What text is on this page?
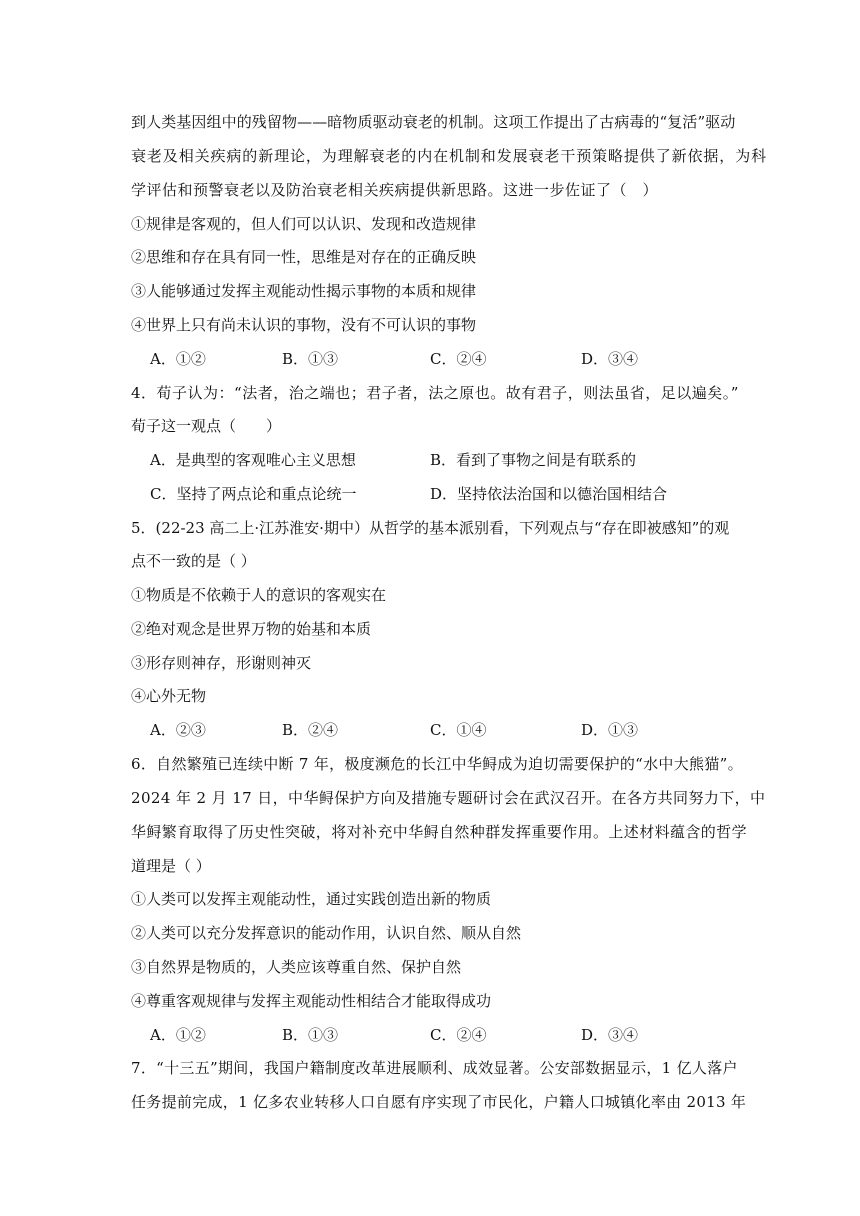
到人类基因组中的残留物——暗物质驱动衰老的机制。这项工作提出了古病毒的“复活”驱动
衰老及相关疾病的新理论，为理解衰老的内在机制和发展衰老干预策略提供了新依据，为科
学评估和预警衰老以及防治衰老相关疾病提供新思路。这进一步佐证了（　）
①规律是客观的，但人们可以认识、发现和改造规律
②思维和存在具有同一性，思维是对存在的正确反映
③人能够通过发挥主观能动性揭示事物的本质和规律
④世界上只有尚未认识的事物，没有不可认识的事物
A．①②	B．①③	C．②④	D．③④
4．荀子认为：“法者，治之端也；君子者，法之原也。故有君子，则法虽省，足以遍矣。”
荀子这一观点（　　）
A．是典型的客观唯心主义思想	B．看到了事物之间是有联系的
C．坚持了两点论和重点论统一	D．坚持依法治国和以德治国相结合
5．(22-23 高二上·江苏淮安·期中）从哲学的基本派别看，下列观点与“存在即被感知”的观
点不一致的是（ ）
①物质是不依赖于人的意识的客观实在
②绝对观念是世界万物的始基和本质
③形存则神存，形谢则神灭
④心外无物
A．②③	B．②④	C．①④	D．①③
6．自然繁殖已连续中断 7 年，极度濒危的长江中华鲟成为迫切需要保护的“水中大熊猫”。
2024 年 2 月 17 日，中华鲟保护方向及措施专题研讨会在武汉召开。在各方共同努力下，中
华鲟繁育取得了历史性突破，将对补充中华鲟自然种群发挥重要作用。上述材料蕴含的哲学
道理是（ ）
①人类可以发挥主观能动性，通过实践创造出新的物质
②人类可以充分发挥意识的能动作用，认识自然、顺从自然
③自然界是物质的，人类应该尊重自然、保护自然
④尊重客观规律与发挥主观能动性相结合才能取得成功
A．①②	B．①③	C．②④	D．③④
7．“十三五”期间，我国户籍制度改革进展顺利、成效显著。公安部数据显示，1 亿人落户
任务提前完成，1 亿多农业转移人口自愿有序实现了市民化，户籍人口城镇化率由 2013 年
